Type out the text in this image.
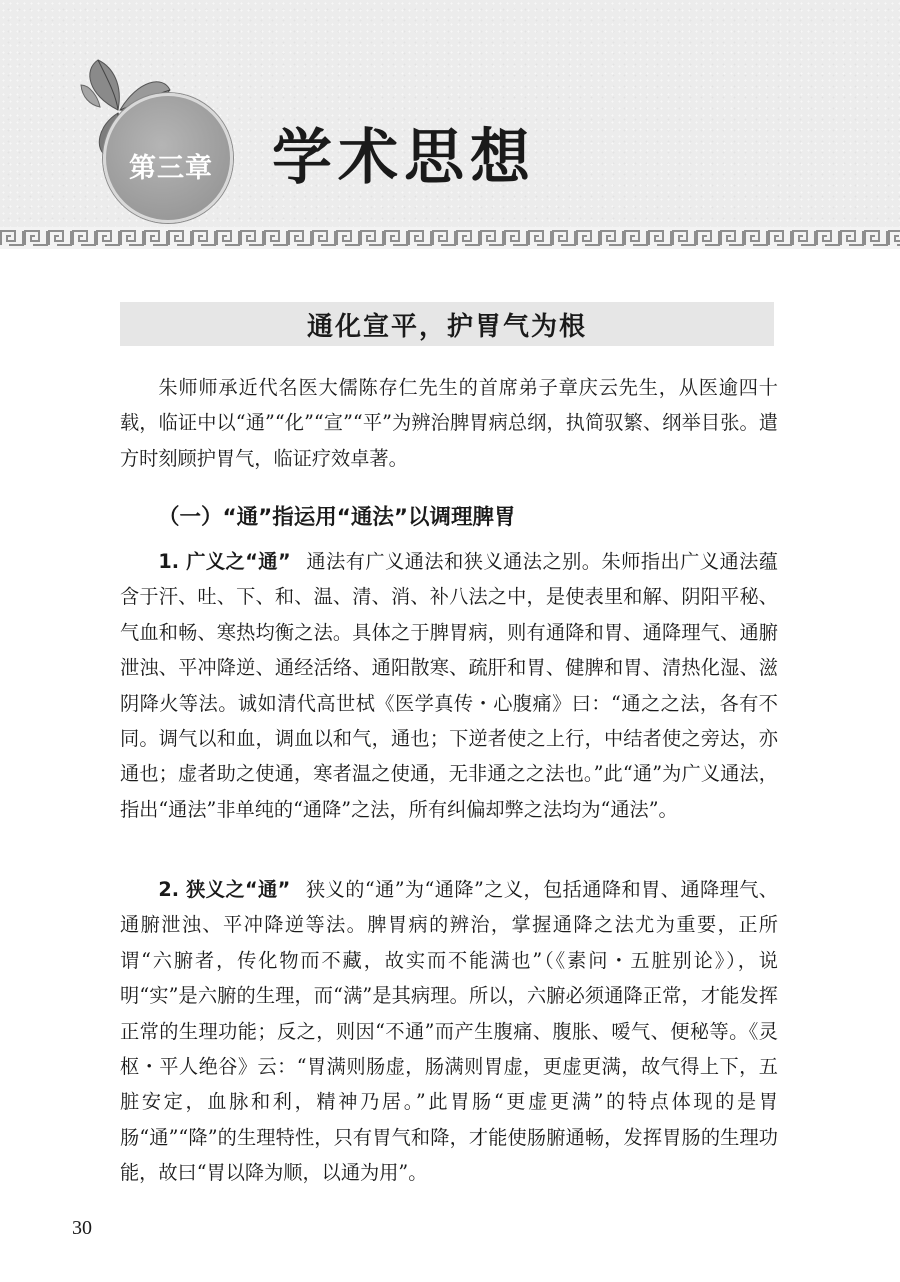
第三章 学术思想
通化宣平，护胃气为根

朱师师承近代名医大儒陈存仁先生的首席弟子章庆云先生，从医逾四十载，临证中以“通”“化”“宣”“平”为辨治脾胃病总纲，执简驭繁、纲举目张。遣方时刻顾护胃气，临证疗效卓著。

（一）“通”指运用“通法”以调理脾胃

1. 广义之“通” 通法有广义通法和狭义通法之别。朱师指出广义通法蕴含于汗、吐、下、和、温、清、消、补八法之中，是使表里和解、阴阳平秘、气血和畅、寒热均衡之法。具体之于脾胃病，则有通降和胃、通降理气、通腑泄浊、平冲降逆、通经活络、通阳散寒、疏肝和胃、健脾和胃、清热化湿、滋阴降火等法。诚如清代高世栻《医学真传・心腹痛》曰：“通之之法，各有不同。调气以和血，调血以和气，通也；下逆者使之上行，中结者使之旁达，亦通也；虚者助之使通，寒者温之使通，无非通之之法也。”此“通”为广义通法，指出“通法”非单纯的“通降”之法，所有纠偏却弊之法均为“通法”。

2. 狭义之“通” 狭义的“通”为“通降”之义，包括通降和胃、通降理气、通腑泄浊、平冲降逆等法。脾胃病的辨治，掌握通降之法尤为重要，正所谓“六腑者，传化物而不藏，故实而不能满也”（《素问・五脏别论》），说明“实”是六腑的生理，而“满”是其病理。所以，六腑必须通降正常，才能发挥正常的生理功能；反之，则因“不通”而产生腹痛、腹胀、嗳气、便秘等。《灵枢・平人绝谷》云：“胃满则肠虚，肠满则胃虚，更虚更满，故气得上下，五脏安定，血脉和利，精神乃居。”此胃肠“更虚更满”的特点体现的是胃肠“通”“降”的生理特性，只有胃气和降，才能使肠腑通畅，发挥胃肠的生理功能，故曰“胃以降为顺，以通为用”。

30
